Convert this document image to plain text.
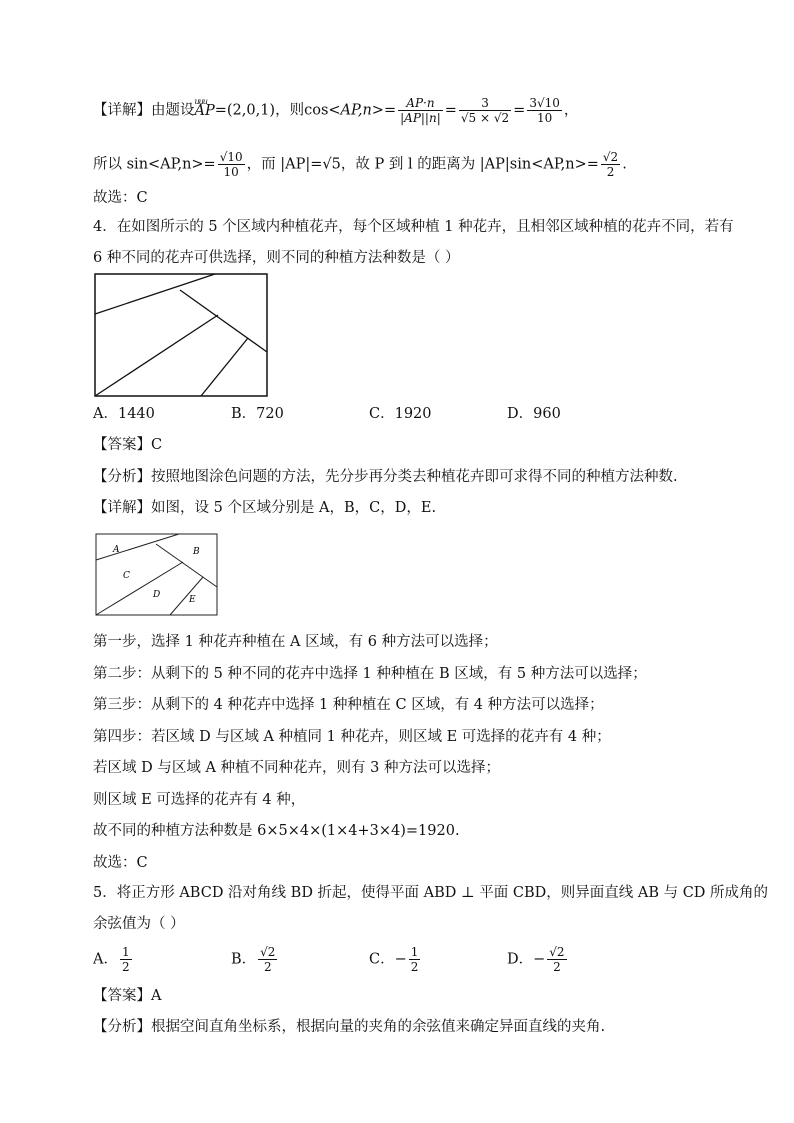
【详解】由题设uuu AP=(2,0,1)，则$\cos<AP,n>= \frac{AP\cdot n}{|AP||n|} = \frac{3}{√5 \times √2} = \frac{3√10}{10}$ ，
所以 $\sin<AP,n>= \frac{√10}{10}$ ，而 |AP|=√5，故 P 到 l 的距离为 $|AP|\sin<AP,n>= \frac{√2}{2}$ .
故选：C
4．在如图所示的 5 个区域内种植花卉，每个区域种植 1 种花卉，且相邻区域种植的花卉不同，若有
6 种不同的花卉可供选择，则不同的种植方法种数是（ ）
A．1440	B．720	C．1920	D．960
【答案】C
【分析】按照地图涂色问题的方法，先分步再分类去种植花卉即可求得不同的种植方法种数.
【详解】如图，设 5 个区域分别是 A，B，C，D，E.
A	B
C
D	E
第一步，选择 1 种花卉种植在 A 区域，有 6 种方法可以选择；
第二步：从剩下的 5 种不同的花卉中选择 1 种种植在 B 区域，有 5 种方法可以选择；
第三步：从剩下的 4 种花卉中选择 1 种种植在 C 区域，有 4 种方法可以选择；
第四步：若区域 D 与区域 A 种植同 1 种花卉，则区域 E 可选择的花卉有 4 种；
若区域 D 与区域 A 种植不同种花卉，则有 3 种方法可以选择；
则区域 E 可选择的花卉有 4 种，
故不同的种植方法种数是 6×5×4×(1×4+3×4)=1920.
故选：C
5．将正方形 ABCD 沿对角线 BD 折起，使得平面 ABD ⊥ 平面 CBD，则异面直线 AB 与 CD 所成角的
余弦值为（ ）
A． $\frac{1}{2}$	B． $\frac{√2}{2}$	C．− $\frac{1}{2}$	D．− $\frac{√2}{2}$
【答案】A
【分析】根据空间直角坐标系，根据向量的夹角的余弦值来确定异面直线的夹角.
